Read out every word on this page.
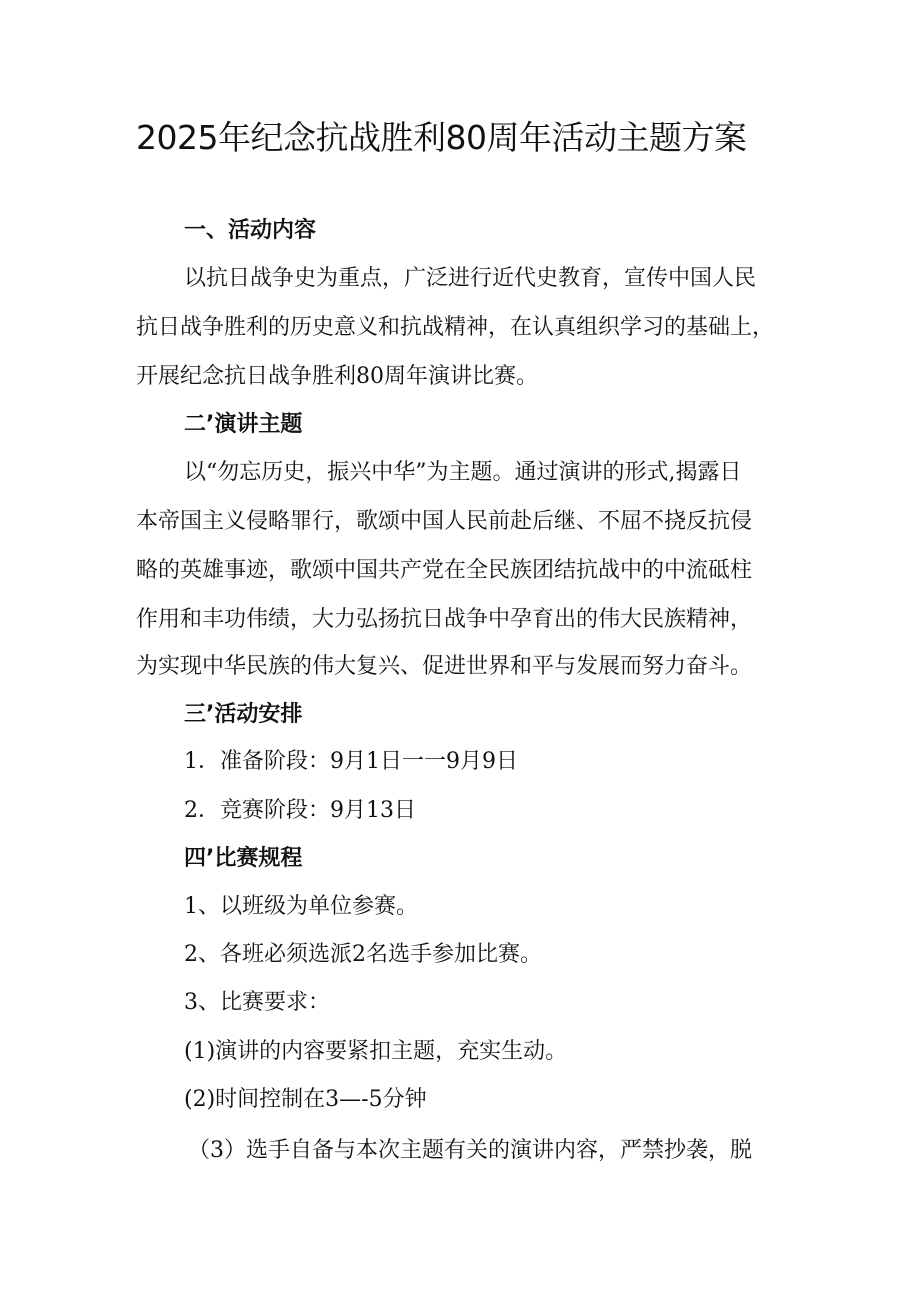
2025年纪念抗战胜利80周年活动主题方案

一、活动内容

以抗日战争史为重点，广泛进行近代史教育，宣传中国人民

抗日战争胜利的历史意义和抗战精神，在认真组织学习的基础上，

开展纪念抗日战争胜利80周年演讲比赛。

二’演讲主题

以“勿忘历史，振兴中华”为主题。通过演讲的形式,揭露日

本帝国主义侵略罪行，歌颂中国人民前赴后继、不屈不挠反抗侵

略的英雄事迹，歌颂中国共产党在全民族团结抗战中的中流砥柱

作用和丰功伟绩，大力弘扬抗日战争中孕育出的伟大民族精神，

为实现中华民族的伟大复兴、促进世界和平与发展而努力奋斗。

三’活动安排

1．准备阶段：9月1日一一9月9日

2．竞赛阶段：9月13日

四’比赛规程

1、以班级为单位参赛。

2、各班必须选派2名选手参加比赛。

3、比赛要求：

(1)演讲的内容要紧扣主题，充实生动。

(2)时间控制在3—-5分钟

（3）选手自备与本次主题有关的演讲内容，严禁抄袭，脱
